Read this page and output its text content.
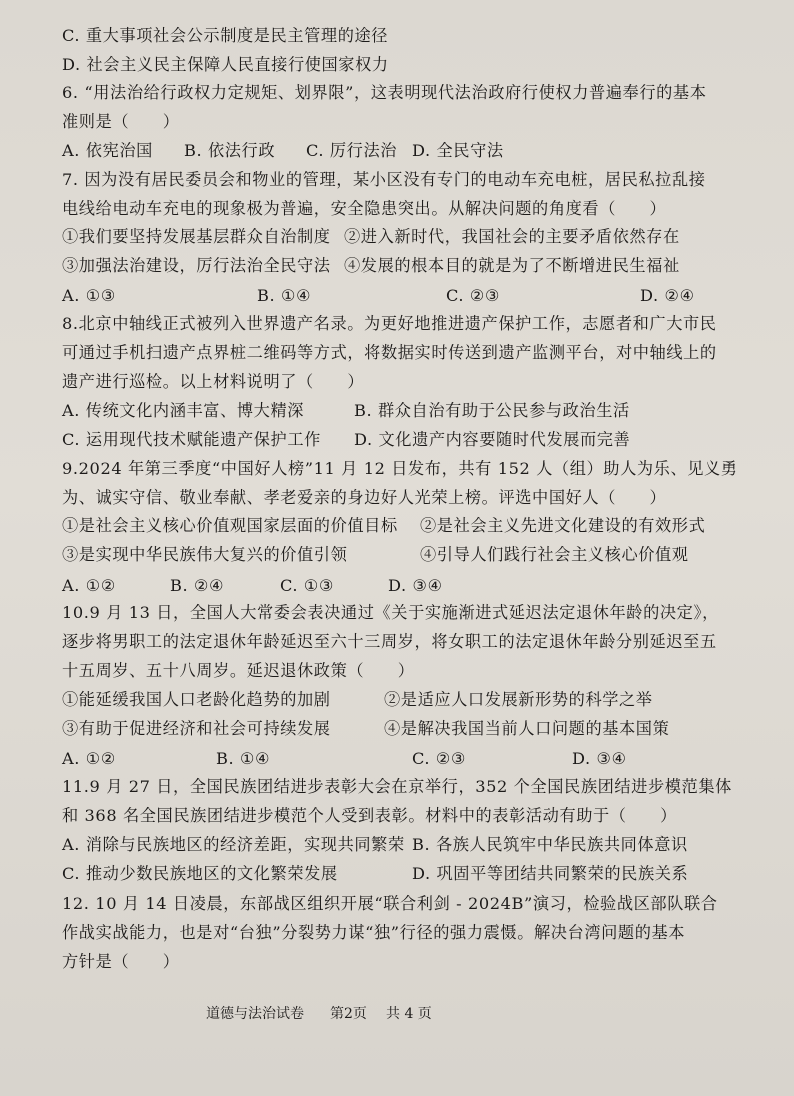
C. 重大事项社会公示制度是民主管理的途径
D. 社会主义民主保障人民直接行使国家权力
6. “用法治给行政权力定规矩、划界限”，这表明现代法治政府行使权力普遍奉行的基本
准则是（　　）
A. 依宪治国 B. 依法行政 C. 厉行法治 D. 全民守法
7. 因为没有居民委员会和物业的管理，某小区没有专门的电动车充电桩，居民私拉乱接
电线给电动车充电的现象极为普遍，安全隐患突出。从解决问题的角度看（　　）
①我们要坚持发展基层群众自治制度 ②进入新时代，我国社会的主要矛盾依然存在
③加强法治建设，厉行法治全民守法 ④发展的根本目的就是为了不断增进民生福祉
A. ①③	B. ①④	C. ②③	D. ②④
8.北京中轴线正式被列入世界遗产名录。为更好地推进遗产保护工作，志愿者和广大市民
可通过手机扫遗产点界桩二维码等方式，将数据实时传送到遗产监测平台，对中轴线上的
遗产进行巡检。以上材料说明了（　　）
A. 传统文化内涵丰富、博大精深	B. 群众自治有助于公民参与政治生活
C. 运用现代技术赋能遗产保护工作 D. 文化遗产内容要随时代发展而完善
9.2024 年第三季度“中国好人榜”11 月 12 日发布，共有 152 人（组）助人为乐、见义勇
为、诚实守信、敬业奉献、孝老爱亲的身边好人光荣上榜。评选中国好人（　　）
①是社会主义核心价值观国家层面的价值目标 ②是社会主义先进文化建设的有效形式
③是实现中华民族伟大复兴的价值引领	④引导人们践行社会主义核心价值观
A. ①②	B. ②④	C. ①③	D. ③④
10.9 月 13 日，全国人大常委会表决通过《关于实施渐进式延迟法定退休年龄的决定》，
逐步将男职工的法定退休年龄延迟至六十三周岁，将女职工的法定退休年龄分别延迟至五
十五周岁、五十八周岁。延迟退休政策（　　）
①能延缓我国人口老龄化趋势的加剧	②是适应人口发展新形势的科学之举
③有助于促进经济和社会可持续发展	④是解决我国当前人口问题的基本国策
A. ①②	B. ①④	C. ②③	D. ③④
11.9 月 27 日，全国民族团结进步表彰大会在京举行，352 个全国民族团结进步模范集体
和 368 名全国民族团结进步模范个人受到表彰。材料中的表彰活动有助于（　　）
A. 消除与民族地区的经济差距，实现共同繁荣 B. 各族人民筑牢中华民族共同体意识
C. 推动少数民族地区的文化繁荣发展	D. 巩固平等团结共同繁荣的民族关系
12. 10 月 14 日凌晨，东部战区组织开展“联合利剑 - 2024B”演习，检验战区部队联合
作战实战能力，也是对“台独”分裂势力谋“独”行径的强力震慑。解决台湾问题的基本
方针是（　　）
道德与法治试卷 第2页 共 4 页
